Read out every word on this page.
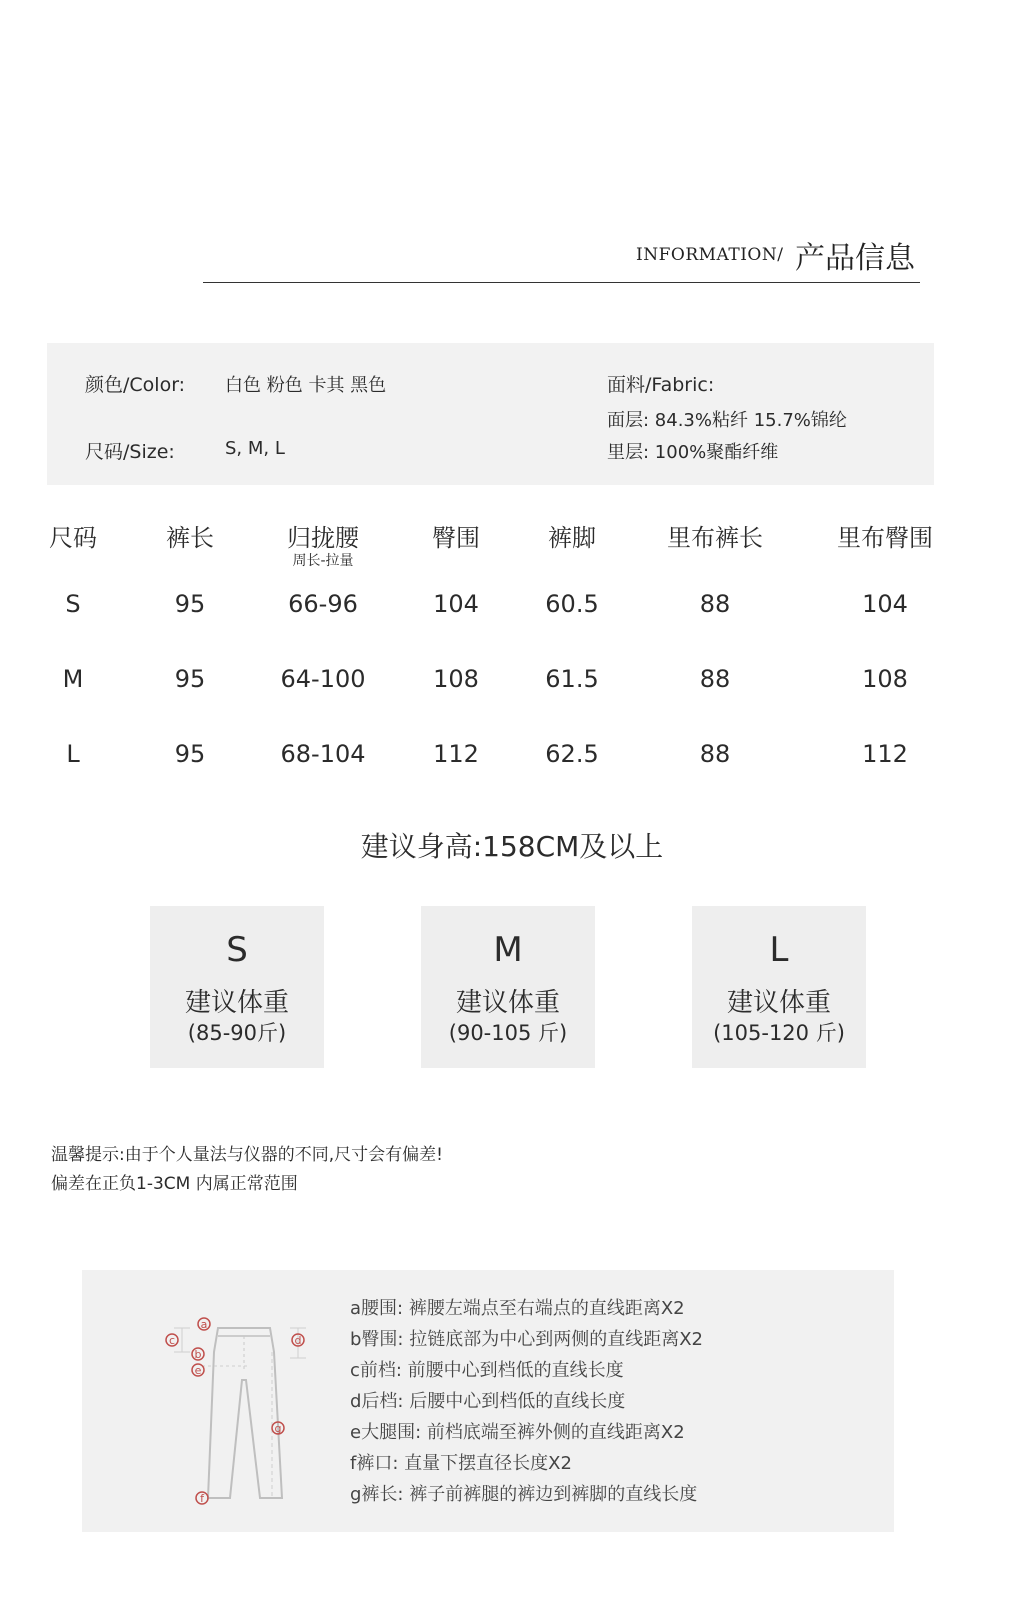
INFORMATION/ 产品信息
颜色/Color: 白色 粉色 卡其 黑色
尺码/Size:	S, M, L
面料/Fabric:
面层: 84.3%粘纤 15.7%锦纶
里层: 100%聚酯纤维
尺码	裤长	归拢腰	臀围	裤脚	里布裤长	里布臀围
周长-拉量
S	95	66-96	104	60.5	88	104
M	95	64-100	108	61.5	88	108
L	95	68-104	112	62.5	88	112
建议身高:158CM及以上
S
建议体重
(85-90斤)
M
建议体重
(90-105 斤)
L
建议体重
(105-120 斤)
温馨提示:由于个人量法与仪器的不同,尺寸会有偏差!
偏差在正负1-3CM 内属正常范围
a
b
c	d
e
f
g
a腰围: 裤腰左端点至右端点的直线距离X2
b臀围: 拉链底部为中心到两侧的直线距离X2
c前档: 前腰中心到档低的直线长度
d后档: 后腰中心到档低的直线长度
e大腿围: 前档底端至裤外侧的直线距离X2
f裤口: 直量下摆直径长度X2
g裤长: 裤子前裤腿的裤边到裤脚的直线长度
